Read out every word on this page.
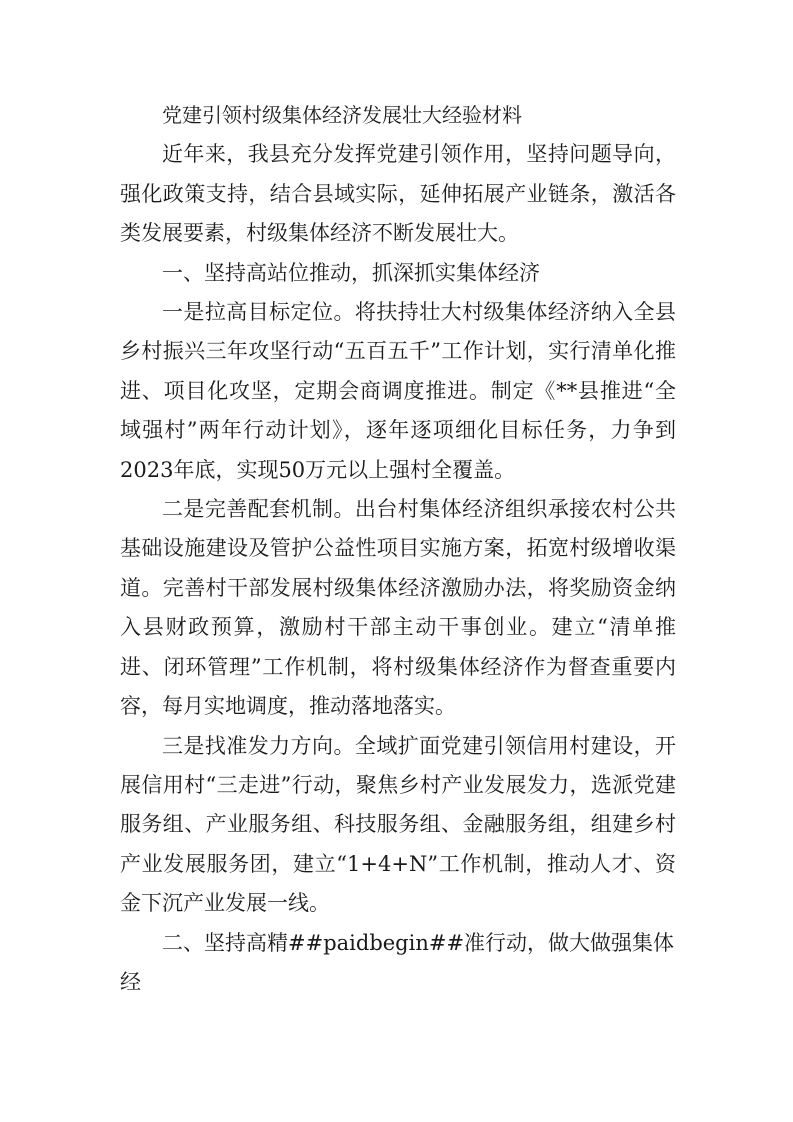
党建引领村级集体经济发展壮大经验材料

近年来，我县充分发挥党建引领作用，坚持问题导向，强化政策支持，结合县域实际，延伸拓展产业链条，激活各类发展要素，村级集体经济不断发展壮大。

一、坚持高站位推动，抓深抓实集体经济

一是拉高目标定位。将扶持壮大村级集体经济纳入全县乡村振兴三年攻坚行动“五百五千”工作计划，实行清单化推进、项目化攻坚，定期会商调度推进。制定《**县推进“全域强村”两年行动计划》，逐年逐项细化目标任务，力争到2023年底，实现50万元以上强村全覆盖。

二是完善配套机制。出台村集体经济组织承接农村公共基础设施建设及管护公益性项目实施方案，拓宽村级增收渠道。完善村干部发展村级集体经济激励办法，将奖励资金纳入县财政预算，激励村干部主动干事创业。建立“清单推进、闭环管理”工作机制，将村级集体经济作为督查重要内容，每月实地调度，推动落地落实。

三是找准发力方向。全域扩面党建引领信用村建设，开展信用村“三走进”行动，聚焦乡村产业发展发力，选派党建服务组、产业服务组、科技服务组、金融服务组，组建乡村产业发展服务团，建立“1+4+N”工作机制，推动人才、资金下沉产业发展一线。

二、坚持高精##paidbegin##准行动，做大做强集体经
